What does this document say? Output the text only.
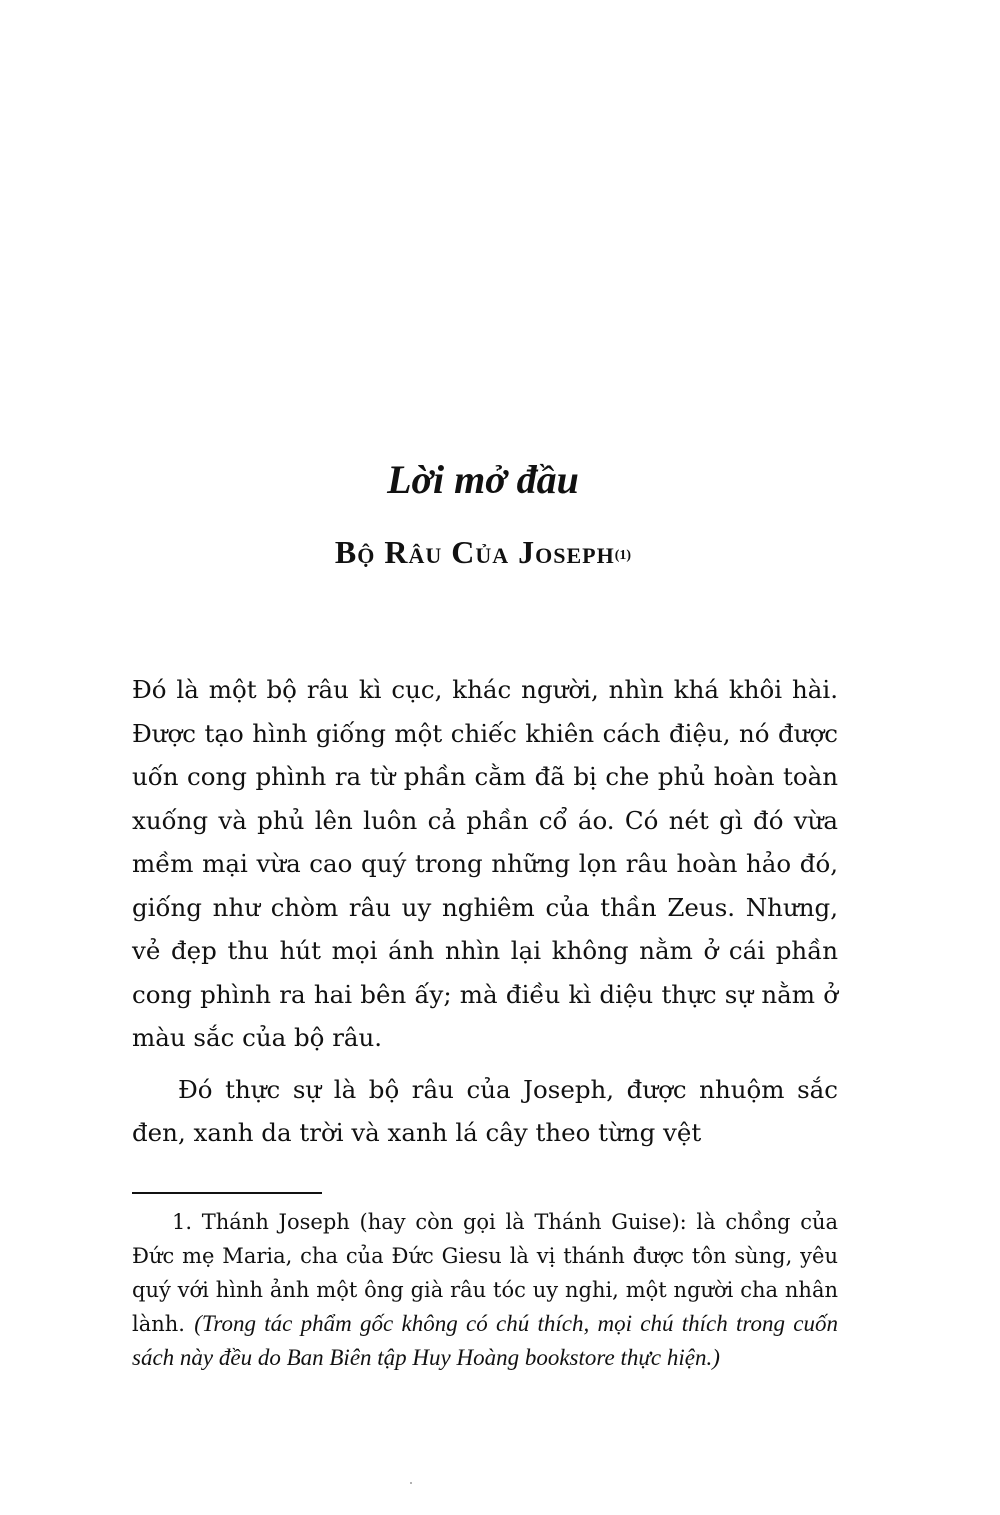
Lời mở đầu
Bộ Râu Của Joseph$^{(1)}$

Đó là một bộ râu kì cục, khác người, nhìn khá khôi hài. Được tạo hình giống một chiếc khiên cách điệu, nó được uốn cong phình ra từ phần cằm đã bị che phủ hoàn toàn xuống và phủ lên luôn cả phần cổ áo. Có nét gì đó vừa mềm mại vừa cao quý trong những lọn râu hoàn hảo đó, giống như chòm râu uy nghiêm của thần Zeus. Nhưng, vẻ đẹp thu hút mọi ánh nhìn lại không nằm ở cái phần cong phình ra hai bên ấy; mà điều kì diệu thực sự nằm ở màu sắc của bộ râu.

Đó thực sự là bộ râu của Joseph, được nhuộm sắc đen, xanh da trời và xanh lá cây theo từng vệt

1. Thánh Joseph (hay còn gọi là Thánh Guise): là chồng của Đức mẹ Maria, cha của Đức Giesu là vị thánh được tôn sùng, yêu quý với hình ảnh một ông già râu tóc uy nghi, một người cha nhân lành. (Trong tác phẩm gốc không có chú thích, mọi chú thích trong cuốn sách này đều do Ban Biên tập Huy Hoàng bookstore thực hiện.)
